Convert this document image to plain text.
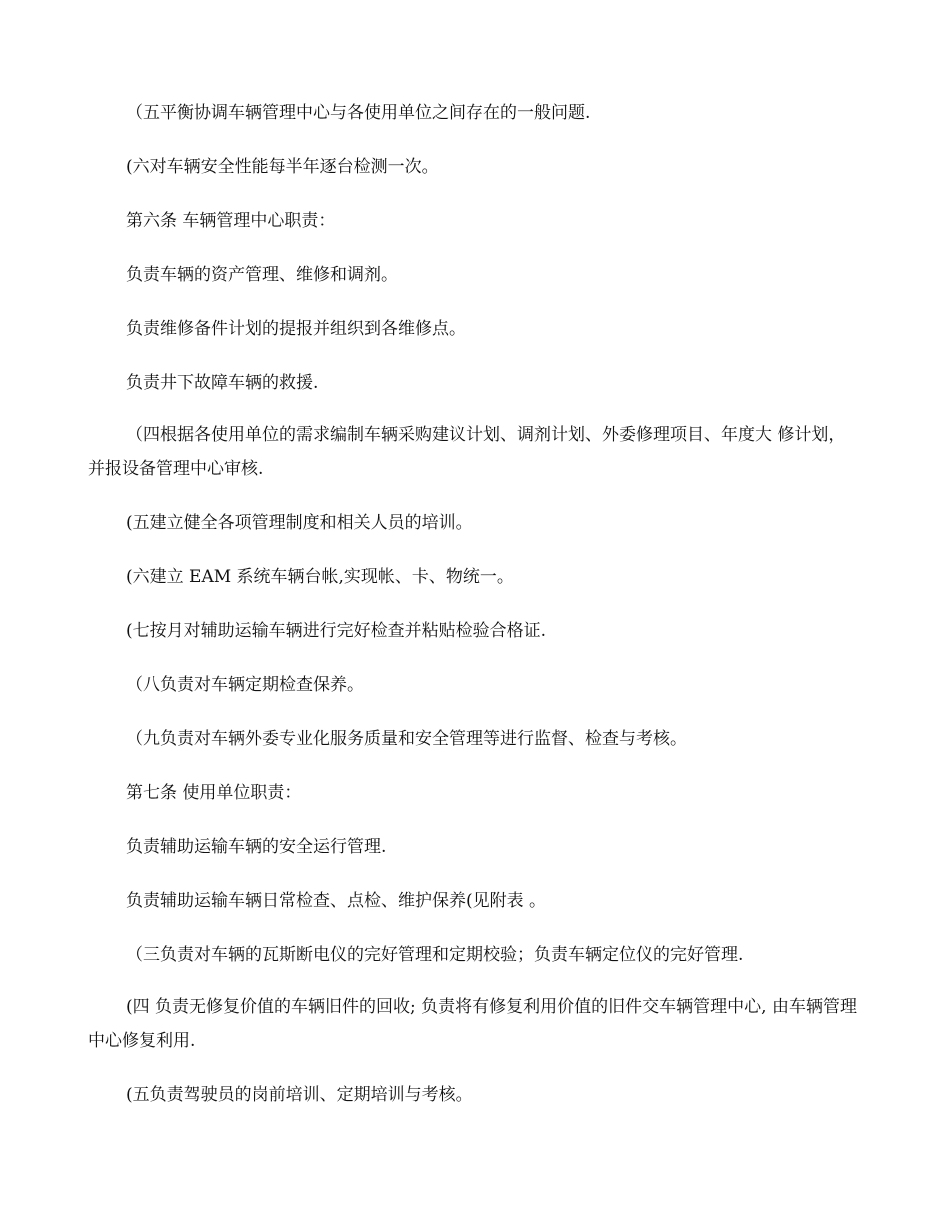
（五平衡协调车辆管理中心与各使用单位之间存在的一般问题.

(六对车辆安全性能每半年逐台检测一次。

第六条 车辆管理中心职责：

负责车辆的资产管理、维修和调剂。

负责维修备件计划的提报并组织到各维修点。

负责井下故障车辆的救援.

（四根据各使用单位的需求编制车辆采购建议计划、调剂计划、外委修理项目、年度大 修计划，并报设备管理中心审核.

(五建立健全各项管理制度和相关人员的培训。

(六建立 EAM 系统车辆台帐,实现帐、卡、物统一。

(七按月对辅助运输车辆进行完好检查并粘贴检验合格证.

（八负责对车辆定期检查保养。

（九负责对车辆外委专业化服务质量和安全管理等进行监督、检查与考核。

第七条 使用单位职责：

负责辅助运输车辆的安全运行管理.

负责辅助运输车辆日常检查、点检、维护保养(见附表 。

（三负责对车辆的瓦斯断电仪的完好管理和定期校验；负责车辆定位仪的完好管理.

(四 负责无修复价值的车辆旧件的回收; 负责将有修复利用价值的旧件交车辆管理中心, 由车辆管理中心修复利用.

(五负责驾驶员的岗前培训、定期培训与考核。
